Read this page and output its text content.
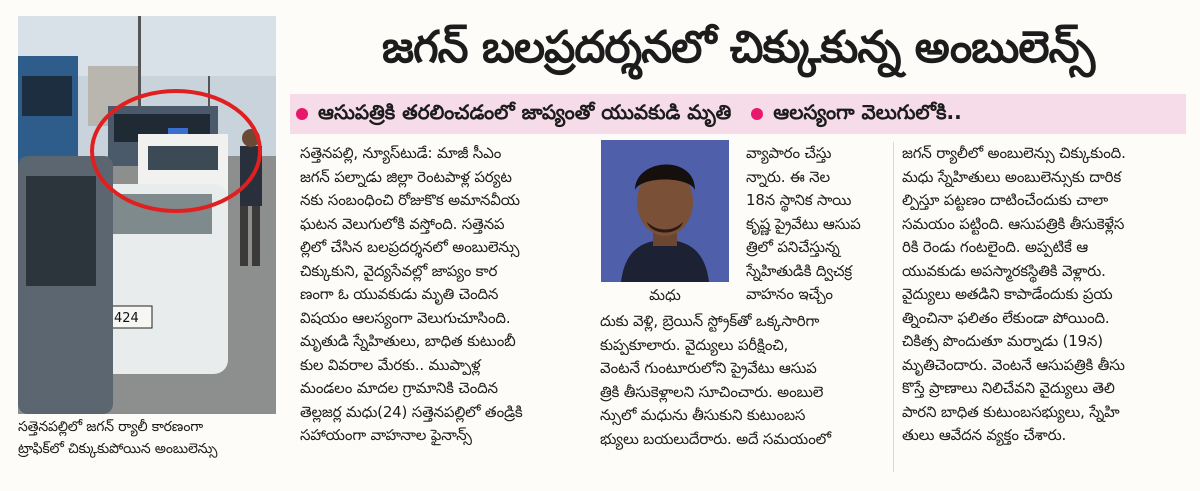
424
సత్తెనపల్లిలో జగన్ ర్యాలీ కారణంగా
ట్రాఫిక్‌లో చిక్కుకుపోయిన అంబులెన్సు
జగన్ బలప్రదర్శనలో చిక్కుకున్న అంబులెన్స్
ఆసుపత్రికి తరలించడంలో జాప్యంతో యువకుడి మృతి ఆలస్యంగా వెలుగులోకి..
సత్తెనపల్లి, న్యూస్‌టుడే: మాజీ సీఎం
జగన్ పల్నాడు జిల్లా రెంటపాళ్ల పర్యట
నకు సంబంధించి రోజుకొక అమానవీయ
ఘటన వెలుగులోకి వస్తోంది. సత్తెనప
ల్లిలో చేసిన బలప్రదర్శనలో అంబులెన్సు
చిక్కుకుని, వైద్యసేవల్లో జాప్యం కార
ణంగా ఓ యువకుడు మృతి చెందిన
విషయం ఆలస్యంగా వెలుగుచూసింది.
మృతుడి స్నేహితులు, బాధిత కుటుంబీ
కుల వివరాల మేరకు.. ముప్పాళ్ల
మండలం మాదల గ్రామానికి చెందిన
తెల్లజర్ల మధు(24) సత్తెనపల్లిలో తండ్రికి
సహాయంగా వాహనాల ఫైనాన్స్
మధు
వ్యాపారం చేస్తు
న్నారు. ఈ నెల
18న స్థానిక సాయి
కృష్ణ ప్రైవేటు ఆసుప
త్రిలో పనిచేస్తున్న
స్నేహితుడికి ద్విచక్ర
వాహనం ఇచ్చేం
దుకు వెళ్లి, బ్రెయిన్ స్ట్రోక్‌తో ఒక్కసారిగా
కుప్పకూలారు. వైద్యులు పరీక్షించి,
వెంటనే గుంటూరులోని ప్రైవేటు ఆసుప
త్రికి తీసుకెళ్లాలని సూచించారు. అంబులె
న్సులో మధును తీసుకుని కుటుంబస
భ్యులు బయలుదేరారు. అదే సమయంలో
జగన్ ర్యాలీలో అంబులెన్సు చిక్కుకుంది.
మధు స్నేహితులు అంబులెన్సుకు దారిక
ల్పిస్తూ పట్టణం దాటించేందుకు చాలా
సమయం పట్టింది. ఆసుపత్రికి తీసుకెళ్లేస
రికి రెండు గంటలైంది. అప్పటికే ఆ
యువకుడు అపస్మారకస్థితికి వెళ్లారు.
వైద్యులు అతడిని కాపాడేందుకు ప్రయ
త్నించినా ఫలితం లేకుండా పోయింది.
చికిత్స పొందుతూ మర్నాడు (19న)
మృతిచెందారు. వెంటనే ఆసుపత్రికి తీసు
కొస్తే ప్రాణాలు నిలిచేవని వైద్యులు తెలి
పారని బాధిత కుటుంబసభ్యులు, స్నేహి
తులు ఆవేదన వ్యక్తం చేశారు.
